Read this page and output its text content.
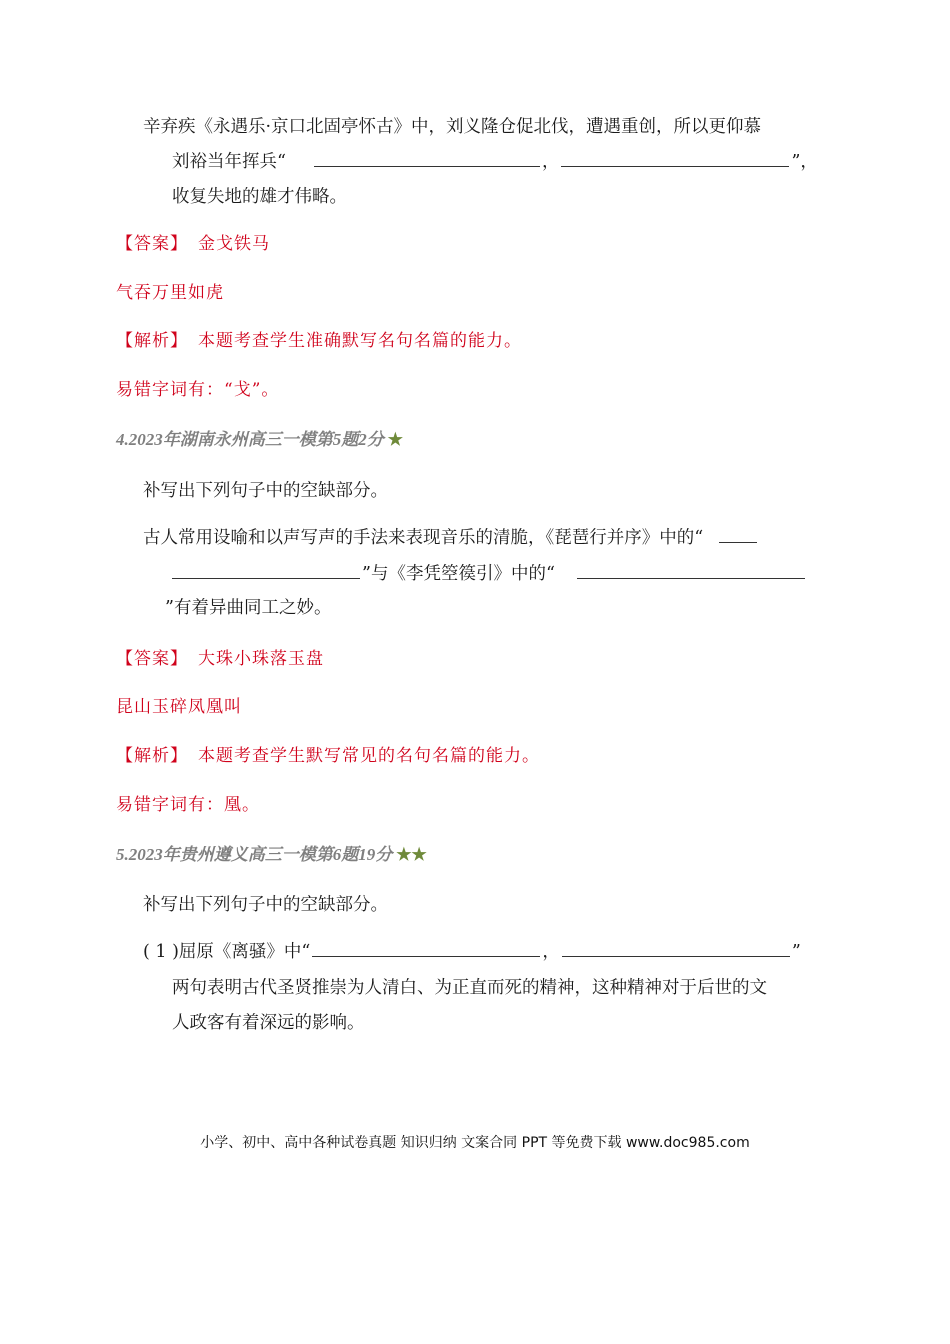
辛弃疾《永遇乐·京口北固亭怀古》中，刘义隆仓促北伐，遭遇重创，所以更仰慕
刘裕当年挥兵“	，	”，
收复失地的雄才伟略。
【答案】 金戈铁马
气吞万里如虎
【解析】 本题考查学生准确默写名句名篇的能力。
易错字词有：“戈”。
4.2023年湖南永州高三一模第5题2分 ★
补写出下列句子中的空缺部分。
古人常用设喻和以声写声的手法来表现音乐的清脆，《琵琶行并序》中的“
”与《李凭箜篌引》中的“
”有着异曲同工之妙。
【答案】 大珠小珠落玉盘
昆山玉碎凤凰叫
【解析】 本题考查学生默写常见的名句名篇的能力。
易错字词有：凰。
5.2023年贵州遵义高三一模第6题19分 ★★
补写出下列句子中的空缺部分。
( 1 )屈原《离骚》中“	，	”
两句表明古代圣贤推崇为人清白、为正直而死的精神，这种精神对于后世的文
人政客有着深远的影响。
小学、初中、高中各种试卷真题 知识归纳 文案合同 PPT 等免费下载 www.doc985.com
